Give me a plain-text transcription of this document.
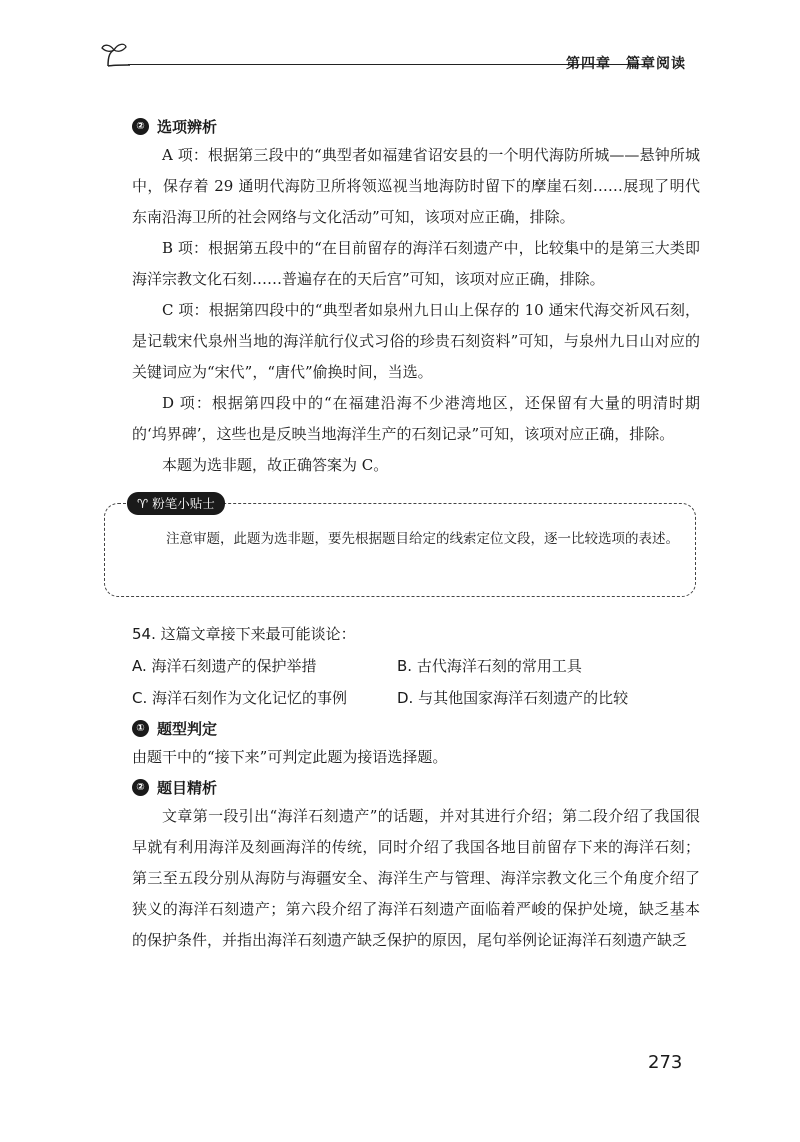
第四章　篇章阅读
② 选项辨析

A 项：根据第三段中的“典型者如福建省诏安县的一个明代海防所城——悬钟所城中，保存着 29 通明代海防卫所将领巡视当地海防时留下的摩崖石刻……展现了明代东南沿海卫所的社会网络与文化活动”可知，该项对应正确，排除。

B 项：根据第五段中的“在目前留存的海洋石刻遗产中，比较集中的是第三大类即海洋宗教文化石刻……普遍存在的天后宫”可知，该项对应正确，排除。

C 项：根据第四段中的“典型者如泉州九日山上保存的 10 通宋代海交祈风石刻，是记载宋代泉州当地的海洋航行仪式习俗的珍贵石刻资料”可知，与泉州九日山对应的关键词应为“宋代”，“唐代”偷换时间，当选。

D 项：根据第四段中的“在福建沿海不少港湾地区，还保留有大量的明清时期的‘坞界碑’，这些也是反映当地海洋生产的石刻记录”可知，该项对应正确，排除。

本题为选非题，故正确答案为 C。

♈ 粉笔小贴士
注意审题，此题为选非题，要先根据题目给定的线索定位文段，逐一比较选项的表述。
54. 这篇文章接下来最可能谈论：
A. 海洋石刻遗产的保护举措	B. 古代海洋石刻的常用工具
C. 海洋石刻作为文化记忆的事例	D. 与其他国家海洋石刻遗产的比较
① 题型判定

由题干中的“接下来”可判定此题为接语选择题。

② 题目精析

文章第一段引出“海洋石刻遗产”的话题，并对其进行介绍；第二段介绍了我国很早就有利用海洋及刻画海洋的传统，同时介绍了我国各地目前留存下来的海洋石刻；第三至五段分别从海防与海疆安全、海洋生产与管理、海洋宗教文化三个角度介绍了狭义的海洋石刻遗产；第六段介绍了海洋石刻遗产面临着严峻的保护处境，缺乏基本的保护条件，并指出海洋石刻遗产缺乏保护的原因，尾句举例论证海洋石刻遗产缺乏

273
